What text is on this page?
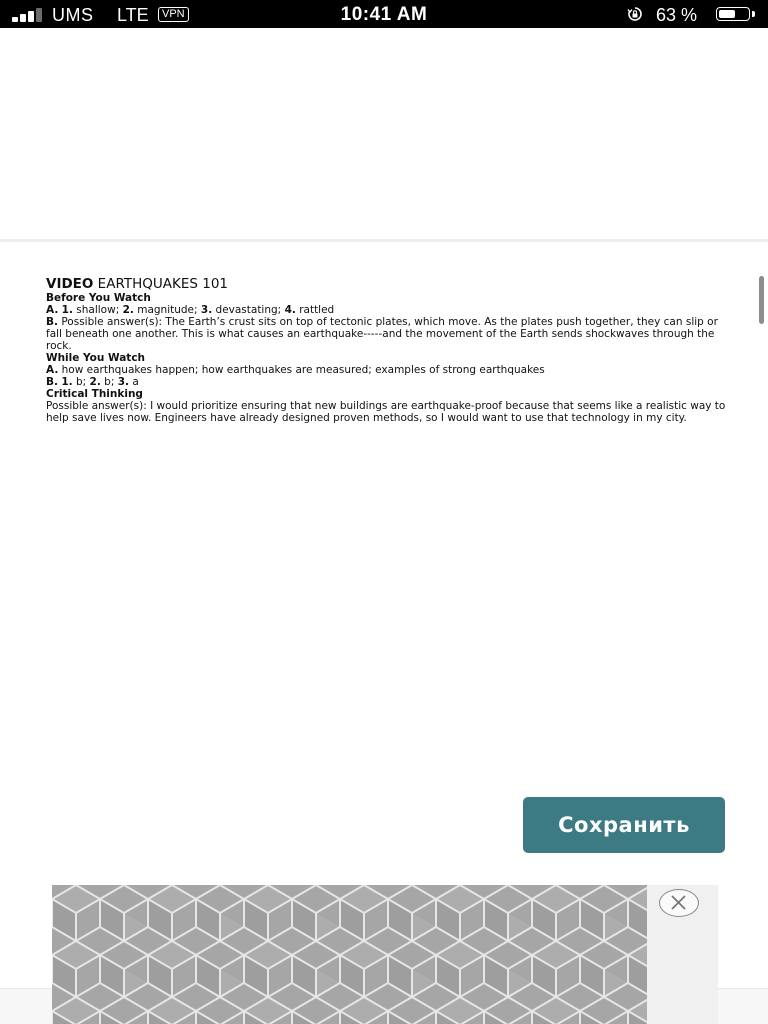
UMS LTE	VPN	10:41 AM	63 %

VIDEO EARTHQUAKES 101

Before You Watch

A. 1. shallow; 2. magnitude; 3. devastating; 4. rattled

B. Possible answer(s): The Earth’s crust sits on top of tectonic plates, which move. As the plates push together, they can slip or fall beneath one another. This is what causes an earthquake-----and the movement of the Earth sends shockwaves through the rock.

While You Watch

A. how earthquakes happen; how earthquakes are measured; examples of strong earthquakes

B. 1. b; 2. b; 3. a

Critical Thinking

Possible answer(s): I would prioritize ensuring that new buildings are earthquake-proof because that seems like a realistic way to help save lives now. Engineers have already designed proven methods, so I would want to use that technology in my city.

Сохранить
